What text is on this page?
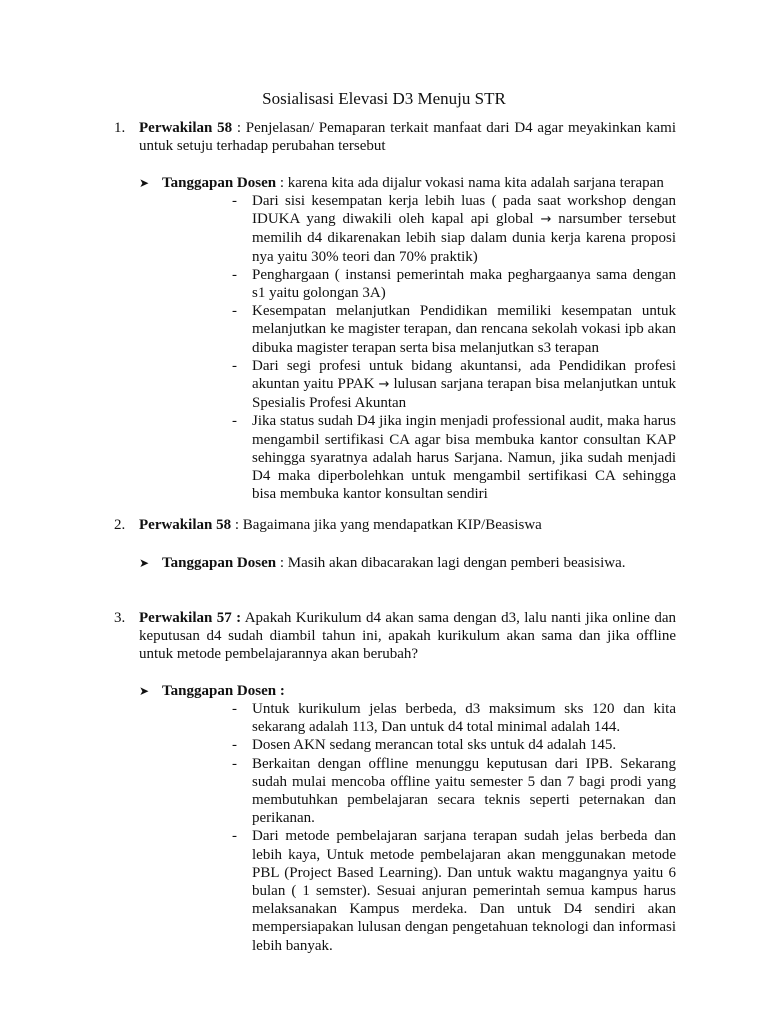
Sosialisasi Elevasi D3 Menuju STR
1. Perwakilan 58 : Penjelasan/ Pemaparan terkait manfaat dari D4 agar meyakinkan kami untuk setuju terhadap perubahan tersebut
➤ Tanggapan Dosen : karena kita ada dijalur vokasi nama kita adalah sarjana terapan
- Dari sisi kesempatan kerja lebih luas ( pada saat workshop dengan IDUKA yang diwakili oleh kapal api global → narsumber tersebut memilih d4 dikarenakan lebih siap dalam dunia kerja karena proposi nya yaitu 30% teori dan 70% praktik)
- Penghargaan ( instansi pemerintah maka peghargaanya sama dengan s1 yaitu golongan 3A)
- Kesempatan melanjutkan Pendidikan memiliki kesempatan untuk melanjutkan ke magister terapan, dan rencana sekolah vokasi ipb akan dibuka magister terapan serta bisa melanjutkan s3 terapan
- Dari segi profesi untuk bidang akuntansi, ada Pendidikan profesi akuntan yaitu PPAK → lulusan sarjana terapan bisa melanjutkan untuk Spesialis Profesi Akuntan
- Jika status sudah D4 jika ingin menjadi professional audit, maka harus mengambil sertifikasi CA agar bisa membuka kantor consultan KAP sehingga syaratnya adalah harus Sarjana. Namun, jika sudah menjadi D4 maka diperbolehkan untuk mengambil sertifikasi CA sehingga bisa membuka kantor konsultan sendiri
2. Perwakilan 58 : Bagaimana jika yang mendapatkan KIP/Beasiswa
➤ Tanggapan Dosen : Masih akan dibacarakan lagi dengan pemberi beasisiwa.
3. Perwakilan 57 : Apakah Kurikulum d4 akan sama dengan d3, lalu nanti jika online dan keputusan d4 sudah diambil tahun ini, apakah kurikulum akan sama dan jika offline untuk metode pembelajarannya akan berubah?
➤ Tanggapan Dosen :
- Untuk kurikulum jelas berbeda, d3 maksimum sks 120 dan kita sekarang adalah 113, Dan untuk d4 total minimal adalah 144.
- Dosen AKN sedang merancan total sks untuk d4 adalah 145.
- Berkaitan dengan offline menunggu keputusan dari IPB. Sekarang sudah mulai mencoba offline yaitu semester 5 dan 7 bagi prodi yang membutuhkan pembelajaran secara teknis seperti peternakan dan perikanan.
- Dari metode pembelajaran sarjana terapan sudah jelas berbeda dan lebih kaya, Untuk metode pembelajaran akan menggunakan metode PBL (Project Based Learning). Dan untuk waktu magangnya yaitu 6 bulan ( 1 semster). Sesuai anjuran pemerintah semua kampus harus melaksanakan Kampus merdeka. Dan untuk D4 sendiri akan mempersiapakan lulusan dengan pengetahuan teknologi dan informasi lebih banyak.
